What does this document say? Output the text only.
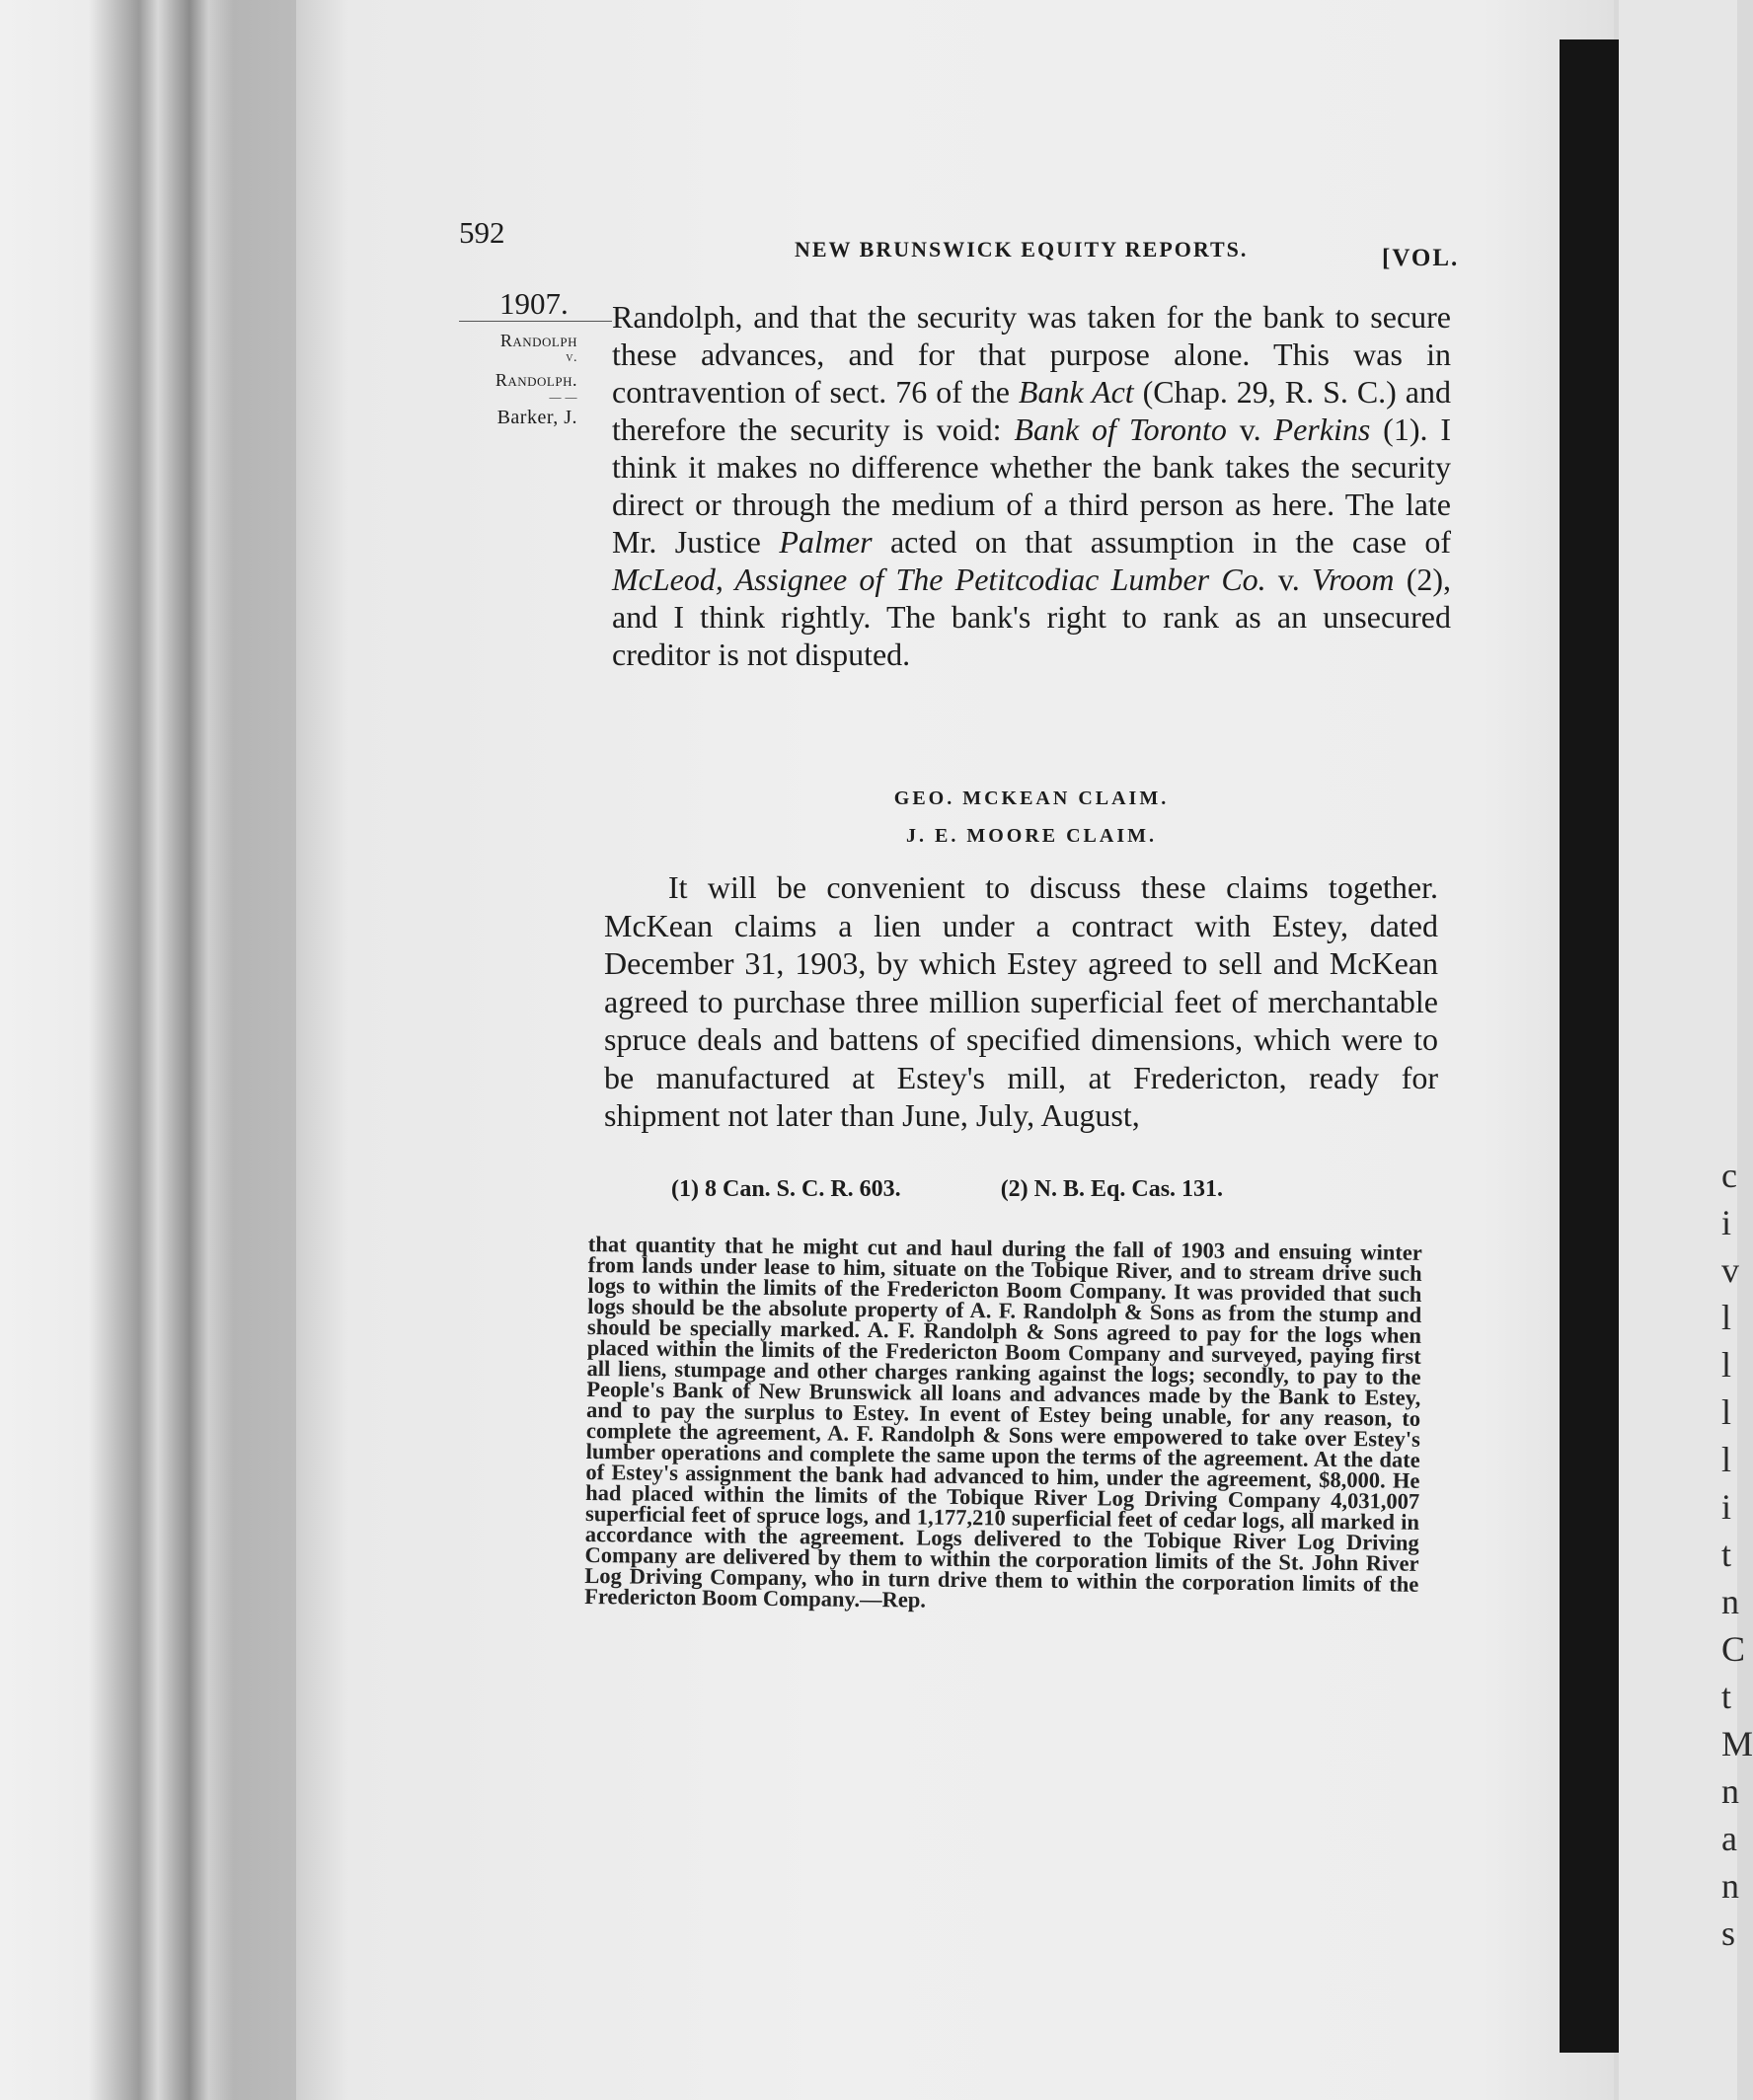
c
i
v
l
l
l
l
i
t
n
C
t
M
n
a
n
s
592	NEW BRUNSWICK EQUITY REPORTS.	[VOL.
1907.
Randolph
v.
Randolph.
— —
Barker, J.

Randolph, and that the security was taken for the bank to secure these advances, and for that purpose alone. This was in contravention of sect. 76 of the Bank Act (Chap. 29, R. S. C.) and therefore the security is void: Bank of Toronto v. Perkins (1). I think it makes no difference whether the bank takes the security direct or through the medium of a third person as here. The late Mr. Justice Palmer acted on that assumption in the case of McLeod, Assignee of The Petitcodiac Lumber Co. v. Vroom (2), and I think rightly. The bank's right to rank as an unsecured creditor is not disputed.

GEO. MCKEAN CLAIM.
J. E. MOORE CLAIM.

It will be convenient to discuss these claims together. McKean claims a lien under a contract with Estey, dated December 31, 1903, by which Estey agreed to sell and McKean agreed to purchase three million superficial feet of merchantable spruce deals and battens of specified dimensions, which were to be manufactured at Estey's mill, at Fredericton, ready for shipment not later than June, July, August,

(1) 8 Can. S. C. R. 603.	(2) N. B. Eq. Cas. 131.

that quantity that he might cut and haul during the fall of 1903 and ensuing winter from lands under lease to him, situate on the Tobique River, and to stream drive such logs to within the limits of the Fredericton Boom Company. It was provided that such logs should be the absolute property of A. F. Randolph & Sons as from the stump and should be specially marked. A. F. Randolph & Sons agreed to pay for the logs when placed within the limits of the Fredericton Boom Company and surveyed, paying first all liens, stumpage and other charges ranking against the logs; secondly, to pay to the People's Bank of New Brunswick all loans and advances made by the Bank to Estey, and to pay the surplus to Estey. In event of Estey being unable, for any reason, to complete the agreement, A. F. Randolph & Sons were empowered to take over Estey's lumber operations and complete the same upon the terms of the agreement. At the date of Estey's assignment the bank had advanced to him, under the agreement, $8,000. He had placed within the limits of the Tobique River Log Driving Company 4,031,007 superficial feet of spruce logs, and 1,177,210 superficial feet of cedar logs, all marked in accordance with the agreement. Logs delivered to the Tobique River Log Driving Company are delivered by them to within the corporation limits of the St. John River Log Driving Company, who in turn drive them to within the corporation limits of the Fredericton Boom Company.—Rep.
